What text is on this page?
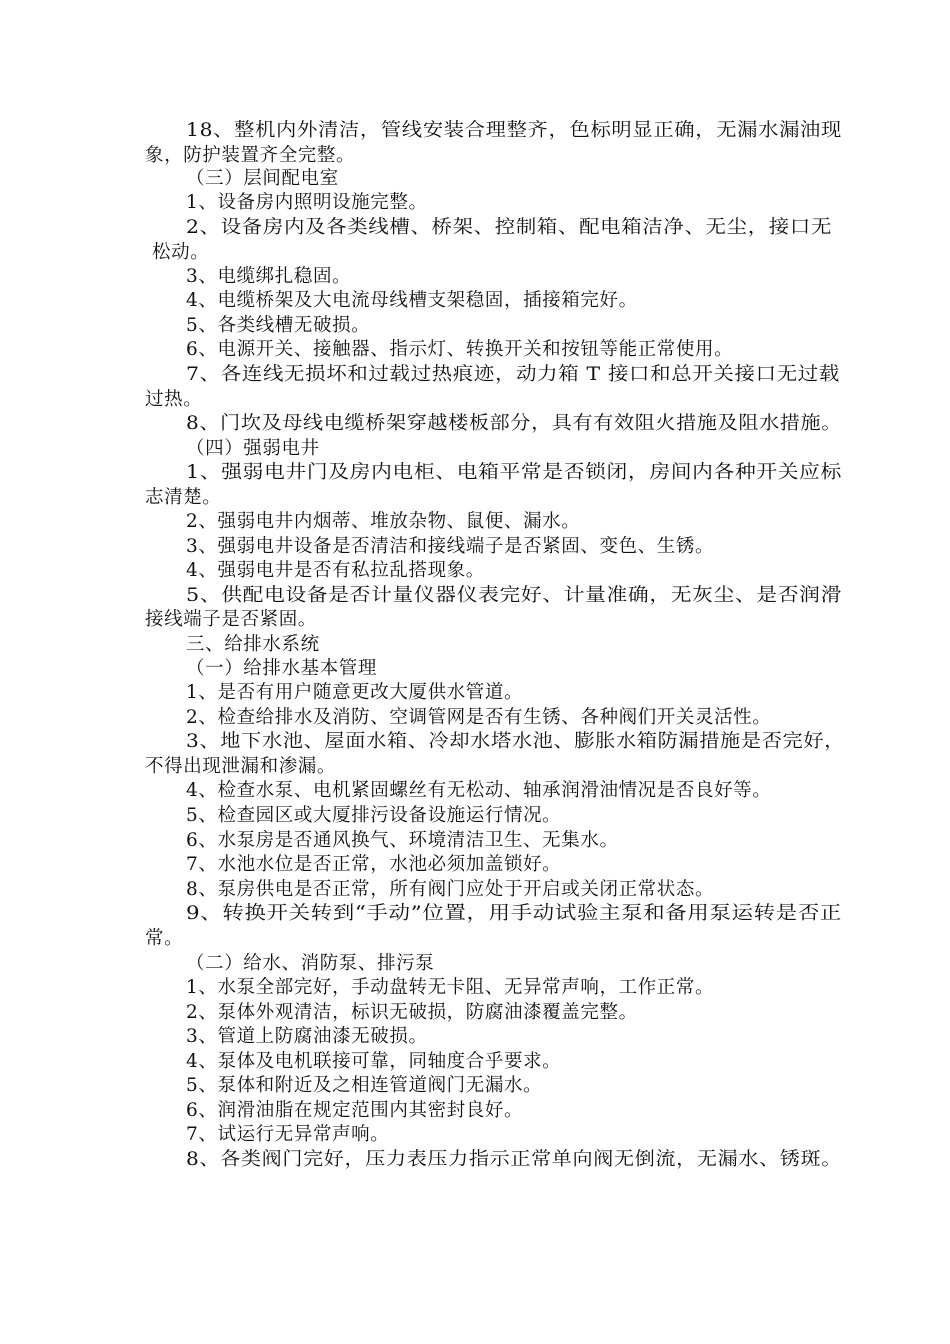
18、整机内外清洁，管线安装合理整齐，色标明显正确，无漏水漏油现
象，防护装置齐全完整。
（三）层间配电室
1、设备房内照明设施完整。
2、设备房内及各类线槽、桥架、控制箱、配电箱洁净、无尘，接口无
松动。
3、电缆绑扎稳固。
4、电缆桥架及大电流母线槽支架稳固，插接箱完好。
5、各类线槽无破损。
6、电源开关、接触器、指示灯、转换开关和按钮等能正常使用。
7、各连线无损坏和过载过热痕迹，动力箱 T 接口和总开关接口无过载
过热。
8、门坎及母线电缆桥架穿越楼板部分，具有有效阻火措施及阻水措施。
（四）强弱电井
1、强弱电井门及房内电柜、电箱平常是否锁闭，房间内各种开关应标
志清楚。
2、强弱电井内烟蒂、堆放杂物、鼠便、漏水。
3、强弱电井设备是否清洁和接线端子是否紧固、变色、生锈。
4、强弱电井是否有私拉乱搭现象。
5、供配电设备是否计量仪器仪表完好、计量准确，无灰尘、是否润滑
接线端子是否紧固。
三、给排水系统
（一）给排水基本管理
1、是否有用户随意更改大厦供水管道。
2、检查给排水及消防、空调管网是否有生锈、各种阀们开关灵活性。
3、地下水池、屋面水箱、冷却水塔水池、膨胀水箱防漏措施是否完好，
不得出现泄漏和渗漏。
4、检查水泵、电机紧固螺丝有无松动、轴承润滑油情况是否良好等。
5、检查园区或大厦排污设备设施运行情况。
6、水泵房是否通风换气、环境清洁卫生、无集水。
7、水池水位是否正常，水池必须加盖锁好。
8、泵房供电是否正常，所有阀门应处于开启或关闭正常状态。
9、转换开关转到“手动”位置，用手动试验主泵和备用泵运转是否正
常。
（二）给水、消防泵、排污泵
1、水泵全部完好，手动盘转无卡阻、无异常声响，工作正常。
2、泵体外观清洁，标识无破损，防腐油漆覆盖完整。
3、管道上防腐油漆无破损。
4、泵体及电机联接可靠，同轴度合乎要求。
5、泵体和附近及之相连管道阀门无漏水。
6、润滑油脂在规定范围内其密封良好。
7、试运行无异常声响。
8、各类阀门完好，压力表压力指示正常单向阀无倒流，无漏水、锈斑。
